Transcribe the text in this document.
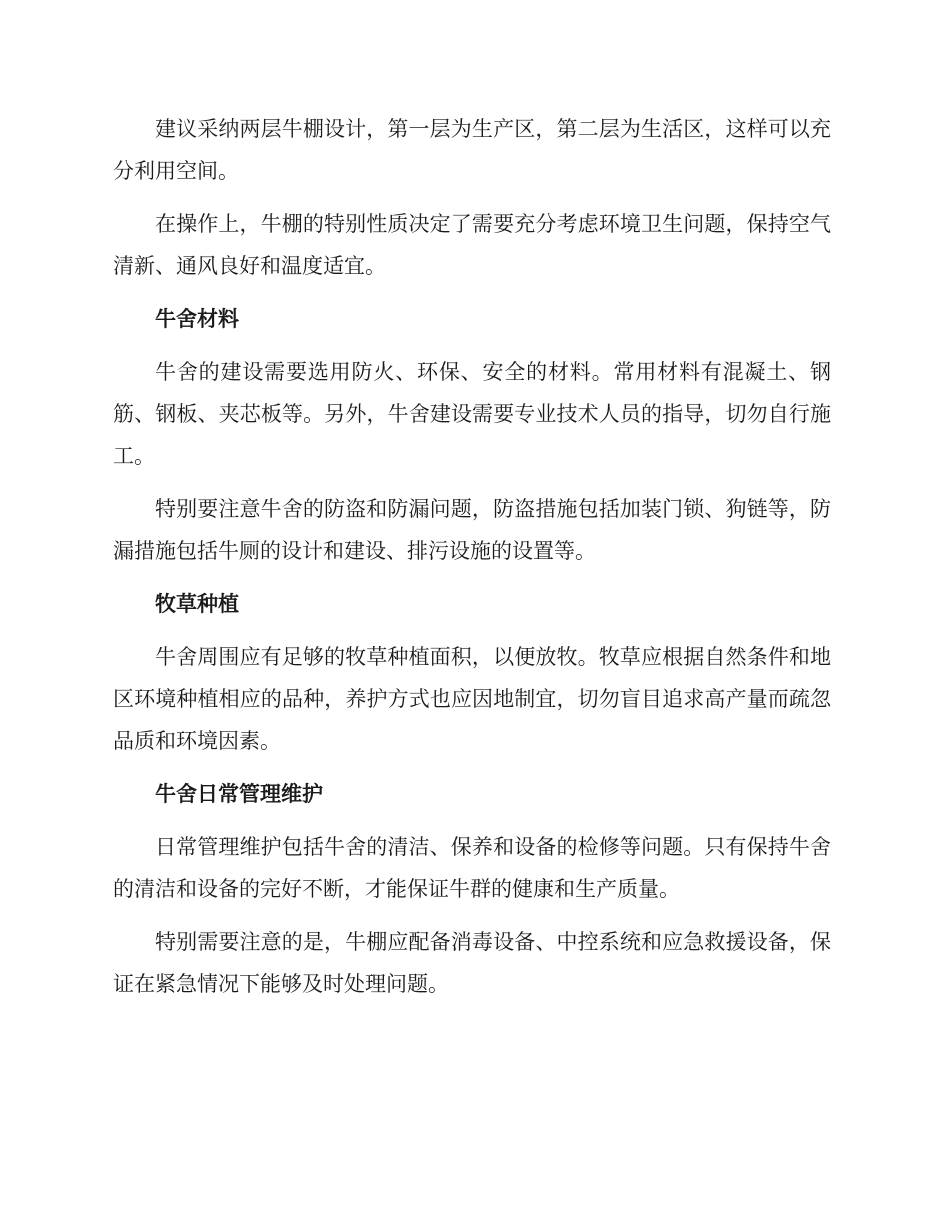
建议采纳两层牛棚设计，第一层为生产区，第二层为生活区，这样可以充分利用空间。

在操作上，牛棚的特别性质决定了需要充分考虑环境卫生问题，保持空气清新、通风良好和温度适宜。

牛舍材料

牛舍的建设需要选用防火、环保、安全的材料。常用材料有混凝土、钢筋、钢板、夹芯板等。另外，牛舍建设需要专业技术人员的指导，切勿自行施工。

特别要注意牛舍的防盗和防漏问题，防盗措施包括加装门锁、狗链等，防漏措施包括牛厕的设计和建设、排污设施的设置等。

牧草种植

牛舍周围应有足够的牧草种植面积，以便放牧。牧草应根据自然条件和地区环境种植相应的品种，养护方式也应因地制宜，切勿盲目追求高产量而疏忽品质和环境因素。

牛舍日常管理维护

日常管理维护包括牛舍的清洁、保养和设备的检修等问题。只有保持牛舍的清洁和设备的完好不断，才能保证牛群的健康和生产质量。

特别需要注意的是，牛棚应配备消毒设备、中控系统和应急救援设备，保证在紧急情况下能够及时处理问题。
